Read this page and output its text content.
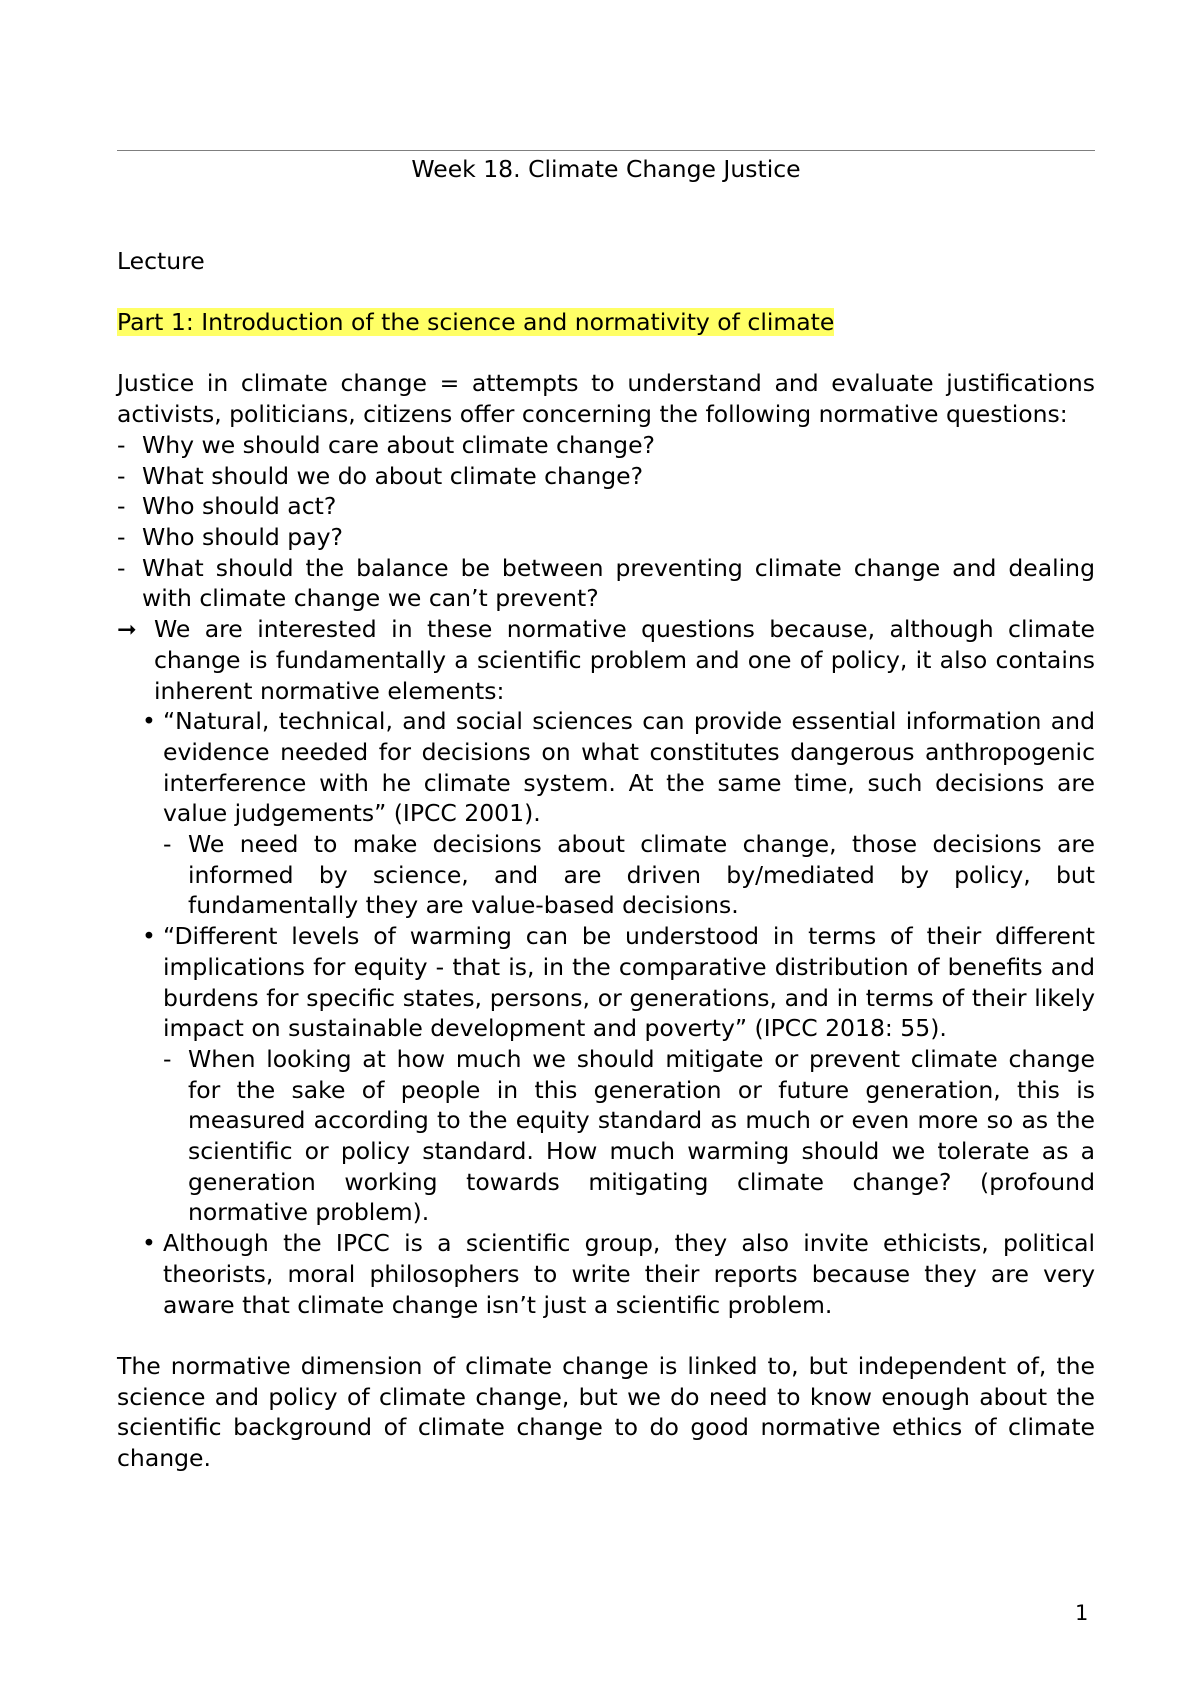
Week 18. Climate Change Justice
Lecture
Part 1: Introduction of the science and normativity of climate
Justice in climate change = attempts to understand and evaluate justifications activists, politicians, citizens offer concerning the following normative questions:
- Why we should care about climate change?
- What should we do about climate change?
- Who should act?
- Who should pay?
- What should the balance be between preventing climate change and dealing with climate change we can’t prevent?
➞ We are interested in these normative questions because, although climate change is fundamentally a scientific problem and one of policy, it also contains inherent normative elements:
• “Natural, technical, and social sciences can provide essential information and evidence needed for decisions on what constitutes dangerous anthropogenic interference with he climate system. At the same time, such decisions are value judgements” (IPCC 2001).
- We need to make decisions about climate change, those decisions are informed by science, and are driven by/mediated by policy, but fundamentally they are value-based decisions.
• “Different levels of warming can be understood in terms of their different implications for equity - that is, in the comparative distribution of benefits and burdens for specific states, persons, or generations, and in terms of their likely impact on sustainable development and poverty” (IPCC 2018: 55).
- When looking at how much we should mitigate or prevent climate change for the sake of people in this generation or future generation, this is measured according to the equity standard as much or even more so as the scientific or policy standard. How much warming should we tolerate as a generation working towards mitigating climate change? (profound normative problem).
• Although the IPCC is a scientific group, they also invite ethicists, political theorists, moral philosophers to write their reports because they are very aware that climate change isn’t just a scientific problem.
The normative dimension of climate change is linked to, but independent of, the science and policy of climate change, but we do need to know enough about the scientific background of climate change to do good normative ethics of climate change.
1
